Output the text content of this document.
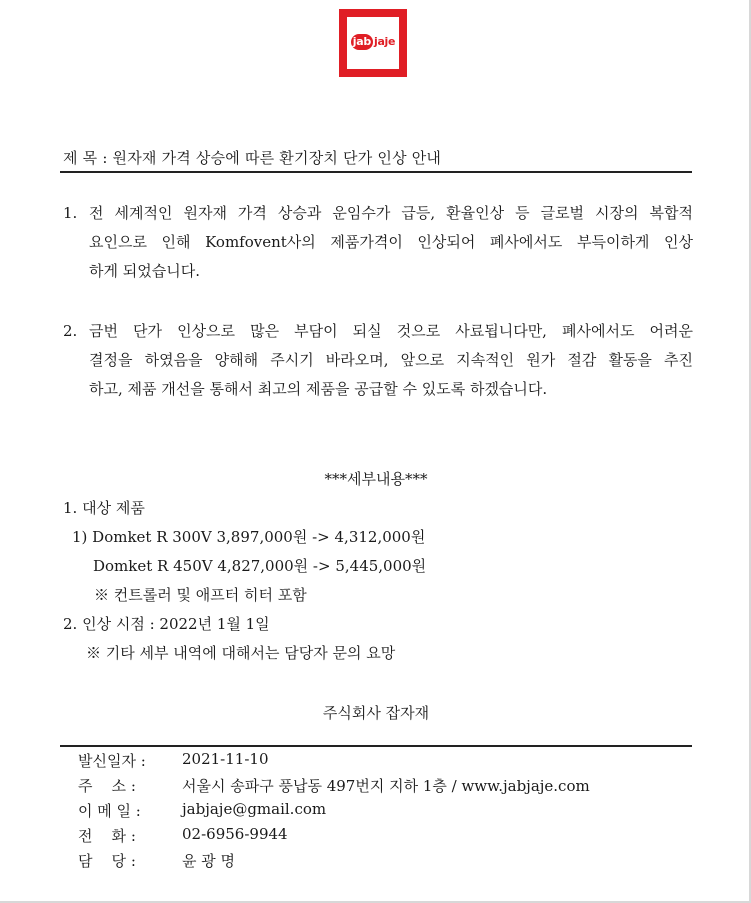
jab jaje
제 목 : 원자재 가격 상승에 따른 환기장치 단가 인상 안내
1. 전 세계적인 원자재 가격 상승과 운임수가 급등, 환율인상 등 글로벌 시장의 복합적
요인으로 인해 Komfovent사의 제품가격이 인상되어 폐사에서도 부득이하게 인상
하게 되었습니다.
2. 금번 단가 인상으로 많은 부담이 되실 것으로 사료됩니다만, 폐사에서도 어려운
결정을 하였음을 양해해 주시기 바라오며, 앞으로 지속적인 원가 절감 활동을 추진
하고, 제품 개선을 통해서 최고의 제품을 공급할 수 있도록 하겠습니다.
***세부내용***
1. 대상 제품
1) Domket R 300V 3,897,000원 -> 4,312,000원
Domket R 450V 4,827,000원 -> 5,445,000원
※ 컨트롤러 및 애프터 히터 포함
2. 인상 시점 : 2022년 1월 1일
※ 기타 세부 내역에 대해서는 담당자 문의 요망
주식회사 잡자재
발신일자 : 2021-11-10
주    소 :	서울시 송파구 풍납동 497번지 지하 1층 / www.jabjaje.com
이 메 일 :	jabjaje@gmail.com
전    화 :	02-6956-9944
담    당 :	윤 광 명
